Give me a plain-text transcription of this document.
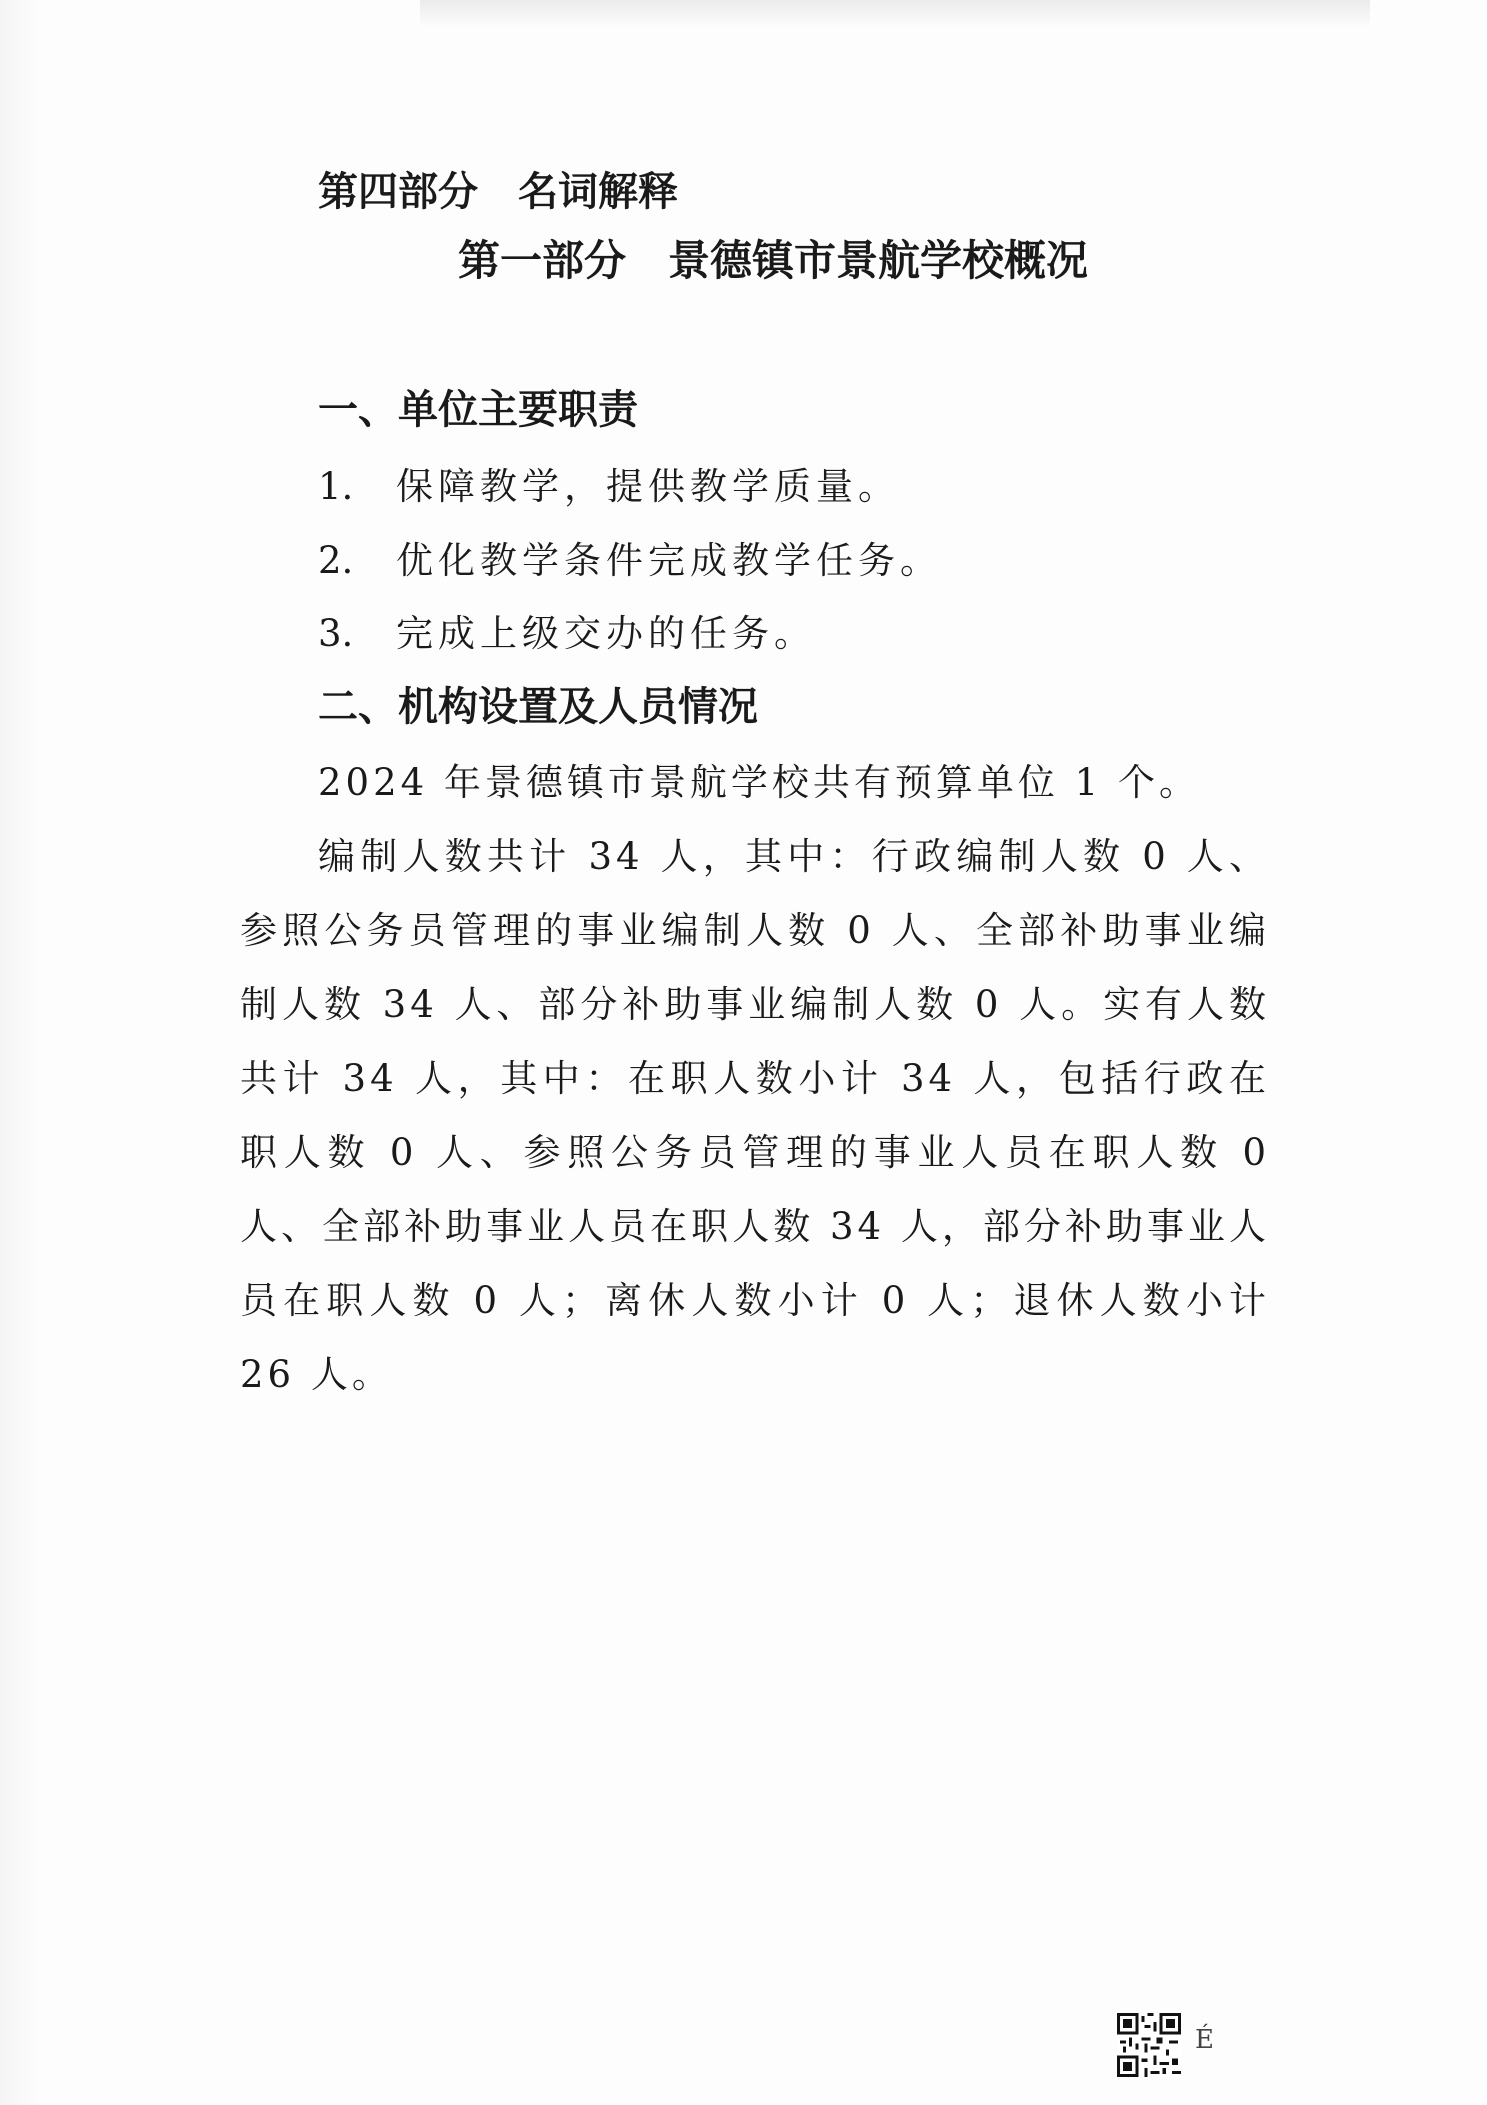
第四部分　名词解释
第一部分　景德镇市景航学校概况
一、单位主要职责
1. 保障教学，提供教学质量。
2. 优化教学条件完成教学任务。
3. 完成上级交办的任务。
二、机构设置及人员情况
2024 年景德镇市景航学校共有预算单位 1 个。
编制人数共计 34 人，其中：行政编制人数 0 人、参照公务员管理的事业编制人数 0 人、全部补助事业编制人数 34 人、部分补助事业编制人数 0 人。实有人数共计 34 人，其中：在职人数小计 34 人，包括行政在职人数 0 人、参照公务员管理的事业人员在职人数 0 人、全部补助事业人员在职人数 34 人，部分补助事业人员在职人数 0 人；离休人数小计 0 人；退休人数小计 26 人。
É
